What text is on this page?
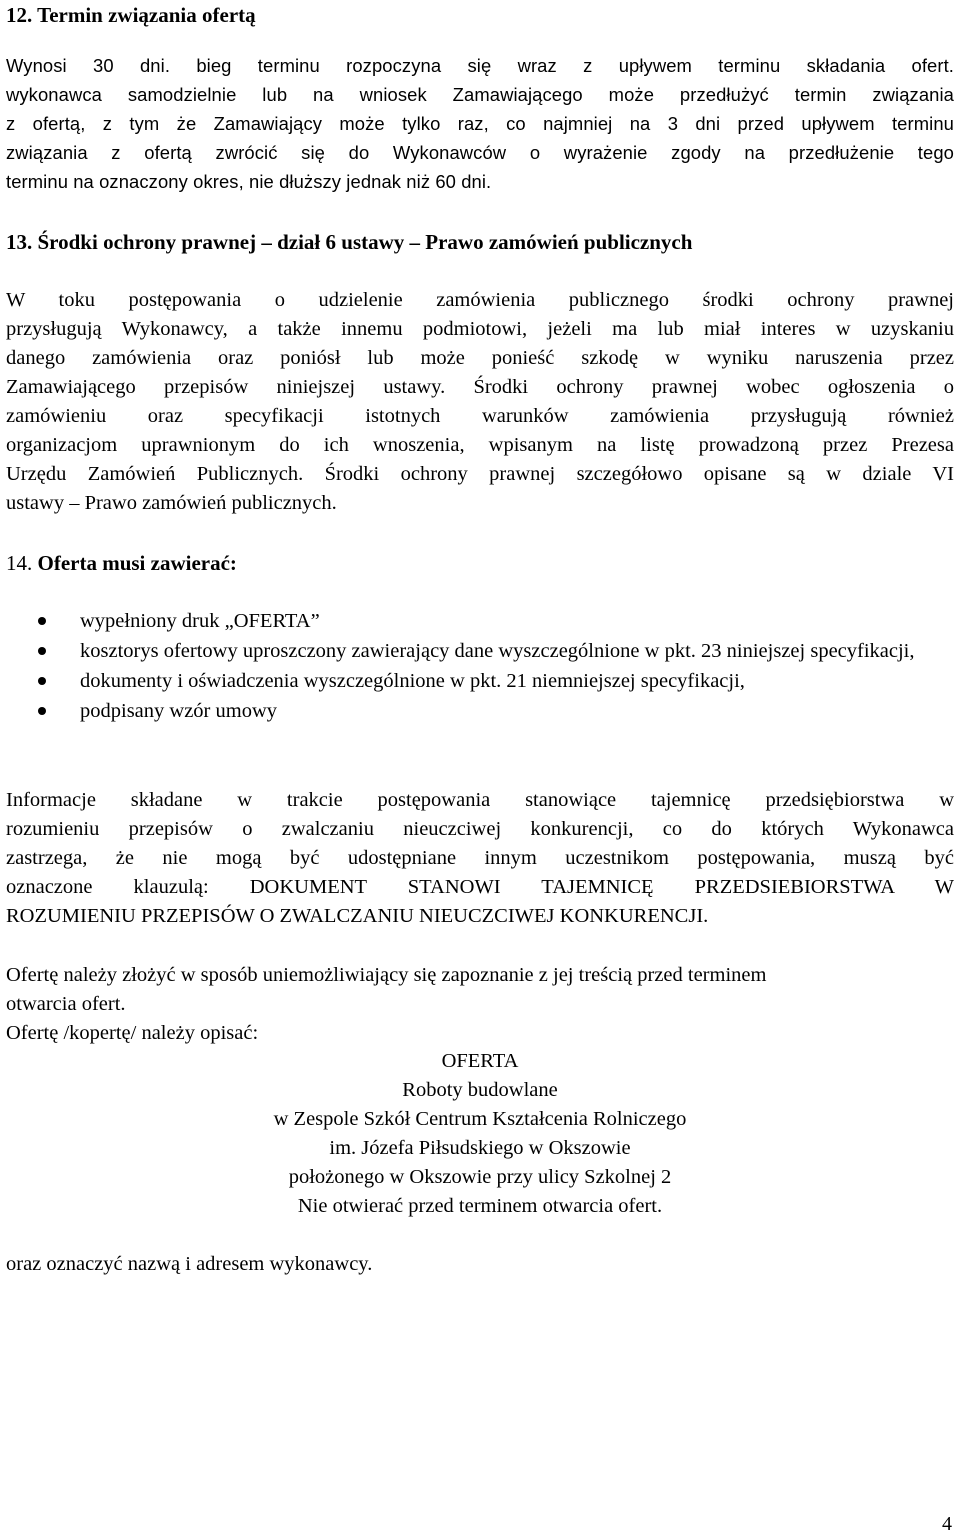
12. Termin związania ofertą
Wynosi 30 dni. bieg terminu rozpoczyna się wraz z upływem terminu składania ofert.
wykonawca samodzielnie lub na wniosek Zamawiającego może przedłużyć termin związania
z ofertą, z tym że Zamawiający może tylko raz, co najmniej na 3 dni przed upływem terminu
związania z ofertą zwrócić się do Wykonawców o wyrażenie zgody na przedłużenie tego
terminu na oznaczony okres, nie dłuższy jednak niż 60 dni.
13. Środki ochrony prawnej – dział 6 ustawy – Prawo zamówień publicznych
W toku postępowania o udzielenie zamówienia publicznego środki ochrony prawnej
przysługują Wykonawcy, a także innemu podmiotowi, jeżeli ma lub miał interes w uzyskaniu
danego zamówienia oraz poniósł lub może ponieść szkodę w wyniku naruszenia przez
Zamawiającego przepisów niniejszej ustawy. Środki ochrony prawnej wobec ogłoszenia o
zamówieniu oraz specyfikacji istotnych warunków zamówienia przysługują również
organizacjom uprawnionym do ich wnoszenia, wpisanym na listę prowadzoną przez Prezesa
Urzędu Zamówień Publicznych. Środki ochrony prawnej szczegółowo opisane są w dziale VI
ustawy – Prawo zamówień publicznych.
14. Oferta musi zawierać:
wypełniony druk „OFERTA”
kosztorys ofertowy uproszczony zawierający dane wyszczególnione w pkt. 23 niniejszej specyfikacji,
dokumenty i oświadczenia wyszczególnione w pkt. 21 niemniejszej specyfikacji,
podpisany wzór umowy
Informacje składane w trakcie postępowania stanowiące tajemnicę przedsiębiorstwa w
rozumieniu przepisów o zwalczaniu nieuczciwej konkurencji, co do których Wykonawca
zastrzega, że nie mogą być udostępniane innym uczestnikom postępowania, muszą być
oznaczone klauzulą: DOKUMENT STANOWI TAJEMNICĘ PRZEDSIEBIORSTWA W
ROZUMIENIU PRZEPISÓW O ZWALCZANIU NIEUCZCIWEJ KONKURENCJI.
Ofertę należy złożyć w sposób uniemożliwiający się zapoznanie z jej treścią przed terminem
otwarcia ofert.
Ofertę /kopertę/ należy opisać:
OFERTA
Roboty budowlane
w Zespole Szkół Centrum Kształcenia Rolniczego
im. Józefa Piłsudskiego w Okszowie
położonego w Okszowie przy ulicy Szkolnej 2
Nie otwierać przed terminem otwarcia ofert.
oraz oznaczyć nazwą i adresem wykonawcy.
4
